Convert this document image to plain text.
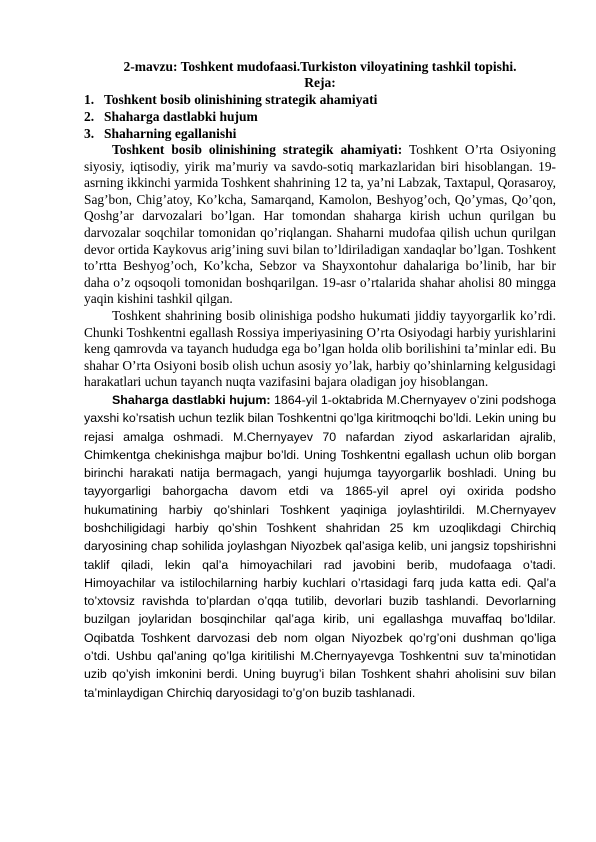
2-mavzu: Toshkent mudofaasi.Turkiston viloyatining tashkil topishi.
Reja:
1. Toshkent bosib olinishining strategik ahamiyati
2. Shaharga dastlabki hujum
3. Shaharning egallanishi

Toshkent bosib olinishining strategik ahamiyati: Toshkent O’rta Osiyoning siyosiy, iqtisodiy, yirik ma’muriy va savdo-sotiq markazlaridan biri hisoblangan. 19-asrning ikkinchi yarmida Toshkent shahrining 12 ta, ya’ni Labzak, Taxtapul, Qorasaroy, Sag’bon, Chig’atoy, Ko’kcha, Samarqand, Kamolon, Beshyog’och, Qo’ymas, Qo’qon, Qoshg’ar darvozalari bo’lgan. Har tomondan shaharga kirish uchun qurilgan bu darvozalar soqchilar tomonidan qo’riqlangan. Shaharni mudofaa qilish uchun qurilgan devor ortida Kaykovus arig’ining suvi bilan to’ldiriladigan xandaqlar bo’lgan. Toshkent to’rtta Beshyog’och, Ko’kcha, Sebzor va Shayxontohur dahalariga bo’linib, har bir daha o’z oqsoqoli tomonidan boshqarilgan. 19-asr o’rtalarida shahar aholisi 80 mingga yaqin kishini tashkil qilgan.

Toshkent shahrining bosib olinishiga podsho hukumati jiddiy tayyorgarlik ko’rdi. Chunki Toshkentni egallash Rossiya imperiyasining O’rta Osiyodagi harbiy yurishlarini keng qamrovda va tayanch hududga ega bo’lgan holda olib borilishini ta’minlar edi. Bu shahar O’rta Osiyoni bosib olish uchun asosiy yo’lak, harbiy qo’shinlarning kelgusidagi harakatlari uchun tayanch nuqta vazifasini bajara oladigan joy hisoblangan.

Shaharga dastlabki hujum: 1864-yil 1-oktabrida M.Chernyayev o’zini podshoga yaxshi ko’rsatish uchun tezlik bilan Toshkentni qo’lga kiritmoqchi bo’ldi. Lekin uning bu rejasi amalga oshmadi. M.Chernyayev 70 nafardan ziyod askarlaridan ajralib, Chimkentga chekinishga majbur bo’ldi. Uning Toshkentni egallash uchun olib borgan birinchi harakati natija bermagach, yangi hujumga tayyorgarlik boshladi. Uning bu tayyorgarligi bahorgacha davom etdi va 1865-yil aprel oyi oxirida podsho hukumatining harbiy qo’shinlari Toshkent yaqiniga joylashtirildi. M.Chernyayev boshchiligidagi harbiy qo’shin Toshkent shahridan 25 km uzoqlikdagi Chirchiq daryosining chap sohilida joylashgan Niyozbek qal’asiga kelib, uni jangsiz topshirishni taklif qiladi, lekin qal’a himoyachilari rad javobini berib, mudofaaga o’tadi. Himoyachilar va istilochilarning harbiy kuchlari o’rtasidagi farq juda katta edi. Qal’a to’xtovsiz ravishda to’plardan o’qqa tutilib, devorlari buzib tashlandi. Devorlarning buzilgan joylaridan bosqinchilar qal’aga kirib, uni egallashga muvaffaq bo’ldilar. Oqibatda Toshkent darvozasi deb nom olgan Niyozbek qo’rg’oni dushman qo’liga o’tdi. Ushbu qal’aning qo’lga kiritilishi M.Chernyayevga Toshkentni suv ta’minotidan uzib qo’yish imkonini berdi. Uning buyrug’i bilan Toshkent shahri aholisini suv bilan ta’minlaydigan Chirchiq daryosidagi to’g’on buzib tashlanadi.
